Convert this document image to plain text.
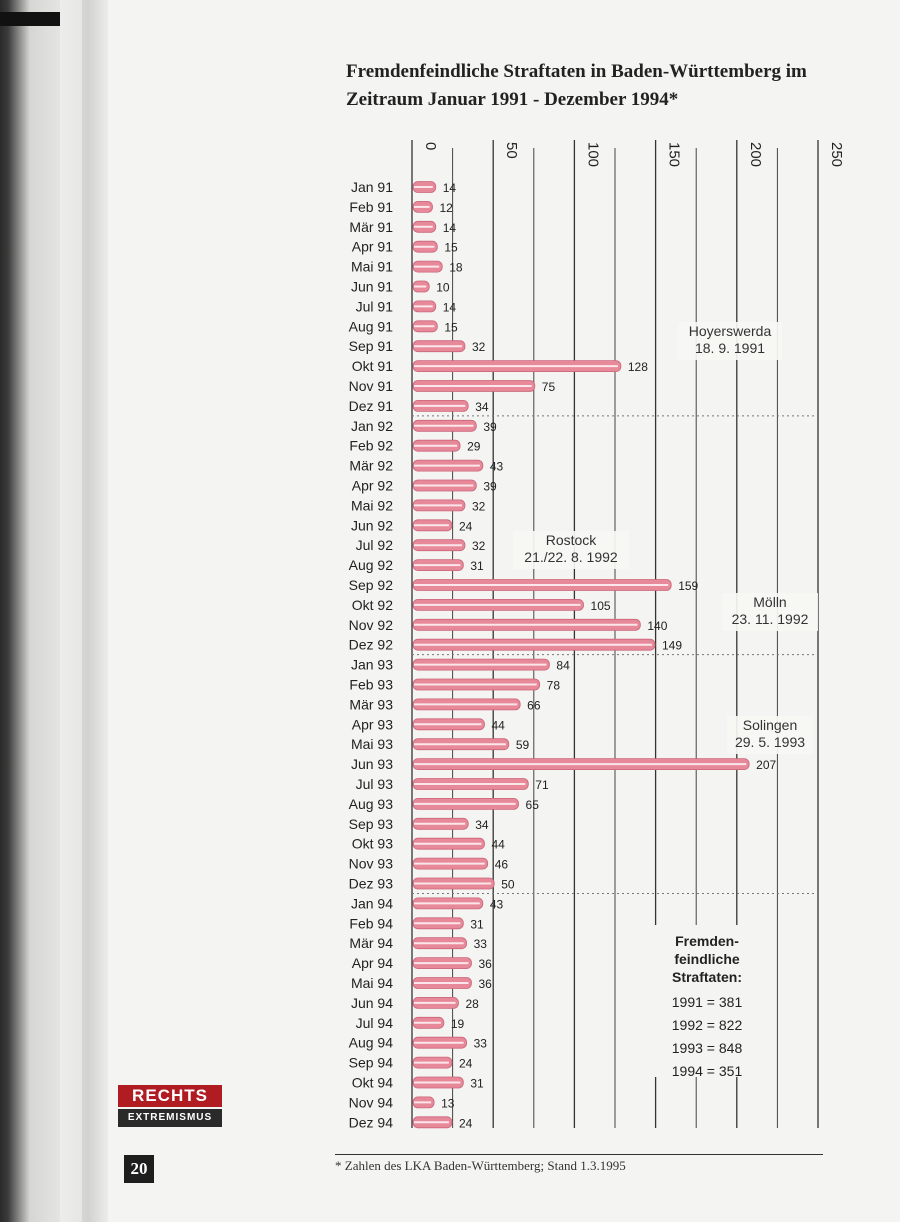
Fremdenfeindliche Straftaten in Baden-Württemberg im
Zeitraum Januar 1991 - Dezember 1994*
0	50	100	150	200	250
Jan 91	14
Feb 91	12
Mär 91	14
Apr 91	15
Mai 91	18
Jun 91	10
Jul 91	14
Aug 91	15
Sep 91	32
Okt 91	128
Nov 91	75
Dez 91	34
Jan 92	39
Feb 92	29
Mär 92	43
Apr 92	39
Mai 92	32
Jun 92	24
Jul 92	32
Aug 92	31
Sep 92	159
Okt 92	105
Nov 92	140
Dez 92	149
Jan 93	84
Feb 93	78
Mär 93	66
Apr 93	44
Mai 93	59
Jun 93	207
Jul 93	71
Aug 93	65
Sep 93	34
Okt 93	44
Nov 93	46
Dez 93	50
Jan 94	43
Feb 94	31
Mär 94	33
Apr 94	36
Mai 94	36
Jun 94	28
Jul 94	19
Aug 94	33
Sep 94	24
Okt 94	31
Nov 94	13
Dez 94	24
Hoyerswerda
18. 9. 1991
Rostock
21./22. 8. 1992
Mölln
23. 11. 1992
Solingen
29. 5. 1993
Fremden-
feindliche
Straftaten:
1991 = 381
1992 = 822
1993 = 848
1994 = 351
RECHTS
EXTREMISMUS
20	* Zahlen des LKA Baden-Württemberg; Stand 1.3.1995
